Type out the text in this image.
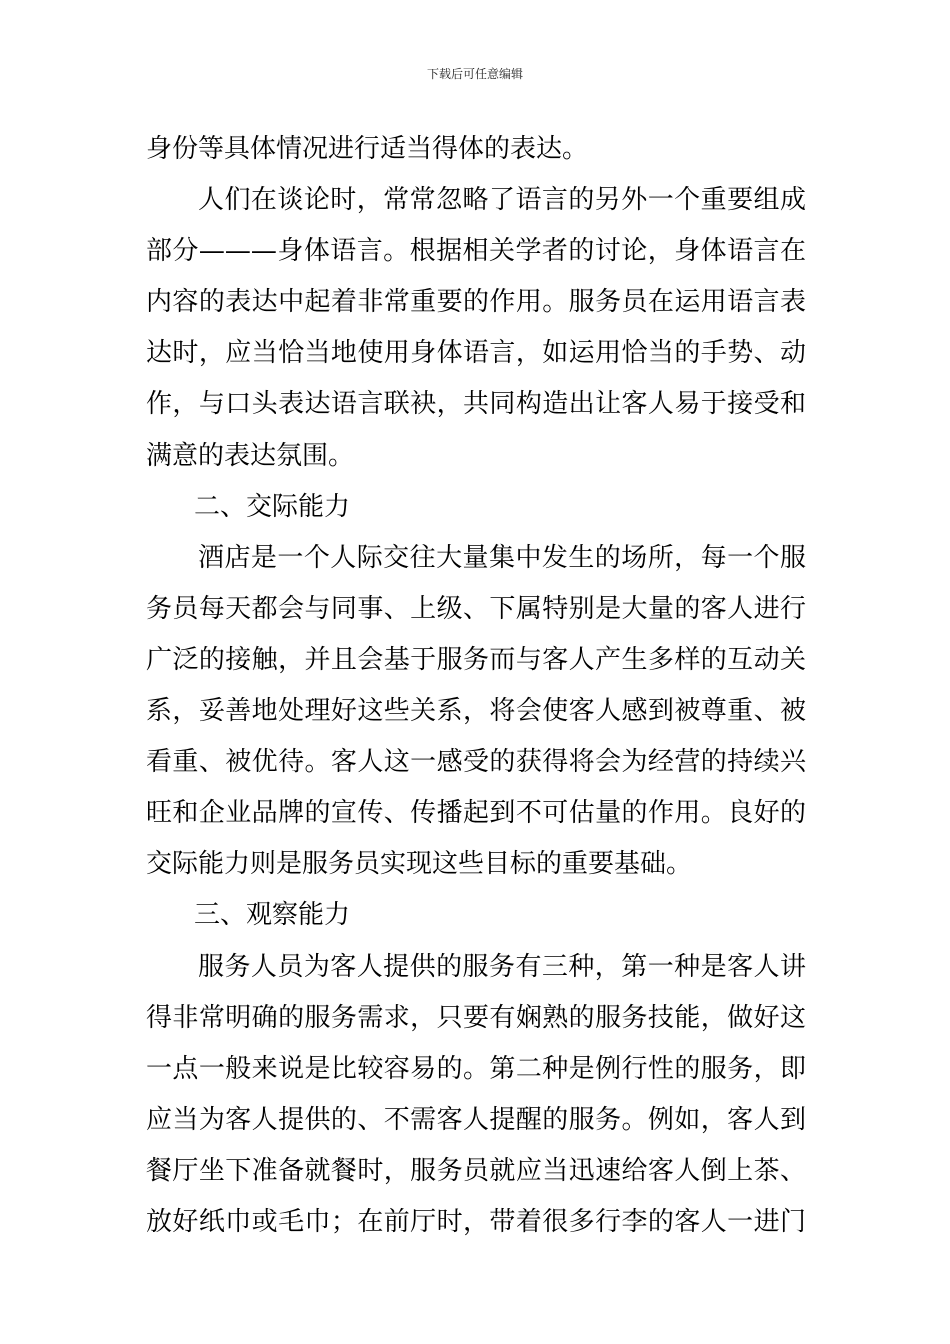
下载后可任意编辑
身份等具体情况进行适当得体的表达。
人们在谈论时，常常忽略了语言的另外一个重要组成
部分———身体语言。根据相关学者的讨论，身体语言在
内容的表达中起着非常重要的作用。服务员在运用语言表
达时，应当恰当地使用身体语言，如运用恰当的手势、动
作，与口头表达语言联袂，共同构造出让客人易于接受和
满意的表达氛围。
二、交际能力
酒店是一个人际交往大量集中发生的场所，每一个服
务员每天都会与同事、上级、下属特别是大量的客人进行
广泛的接触，并且会基于服务而与客人产生多样的互动关
系，妥善地处理好这些关系，将会使客人感到被尊重、被
看重、被优待。客人这一感受的获得将会为经营的持续兴
旺和企业品牌的宣传、传播起到不可估量的作用。良好的
交际能力则是服务员实现这些目标的重要基础。
三、观察能力
服务人员为客人提供的服务有三种，第一种是客人讲
得非常明确的服务需求，只要有娴熟的服务技能，做好这
一点一般来说是比较容易的。第二种是例行性的服务，即
应当为客人提供的、不需客人提醒的服务。例如，客人到
餐厅坐下准备就餐时，服务员就应当迅速给客人倒上茶、
放好纸巾或毛巾；在前厅时，带着很多行李的客人一进门
